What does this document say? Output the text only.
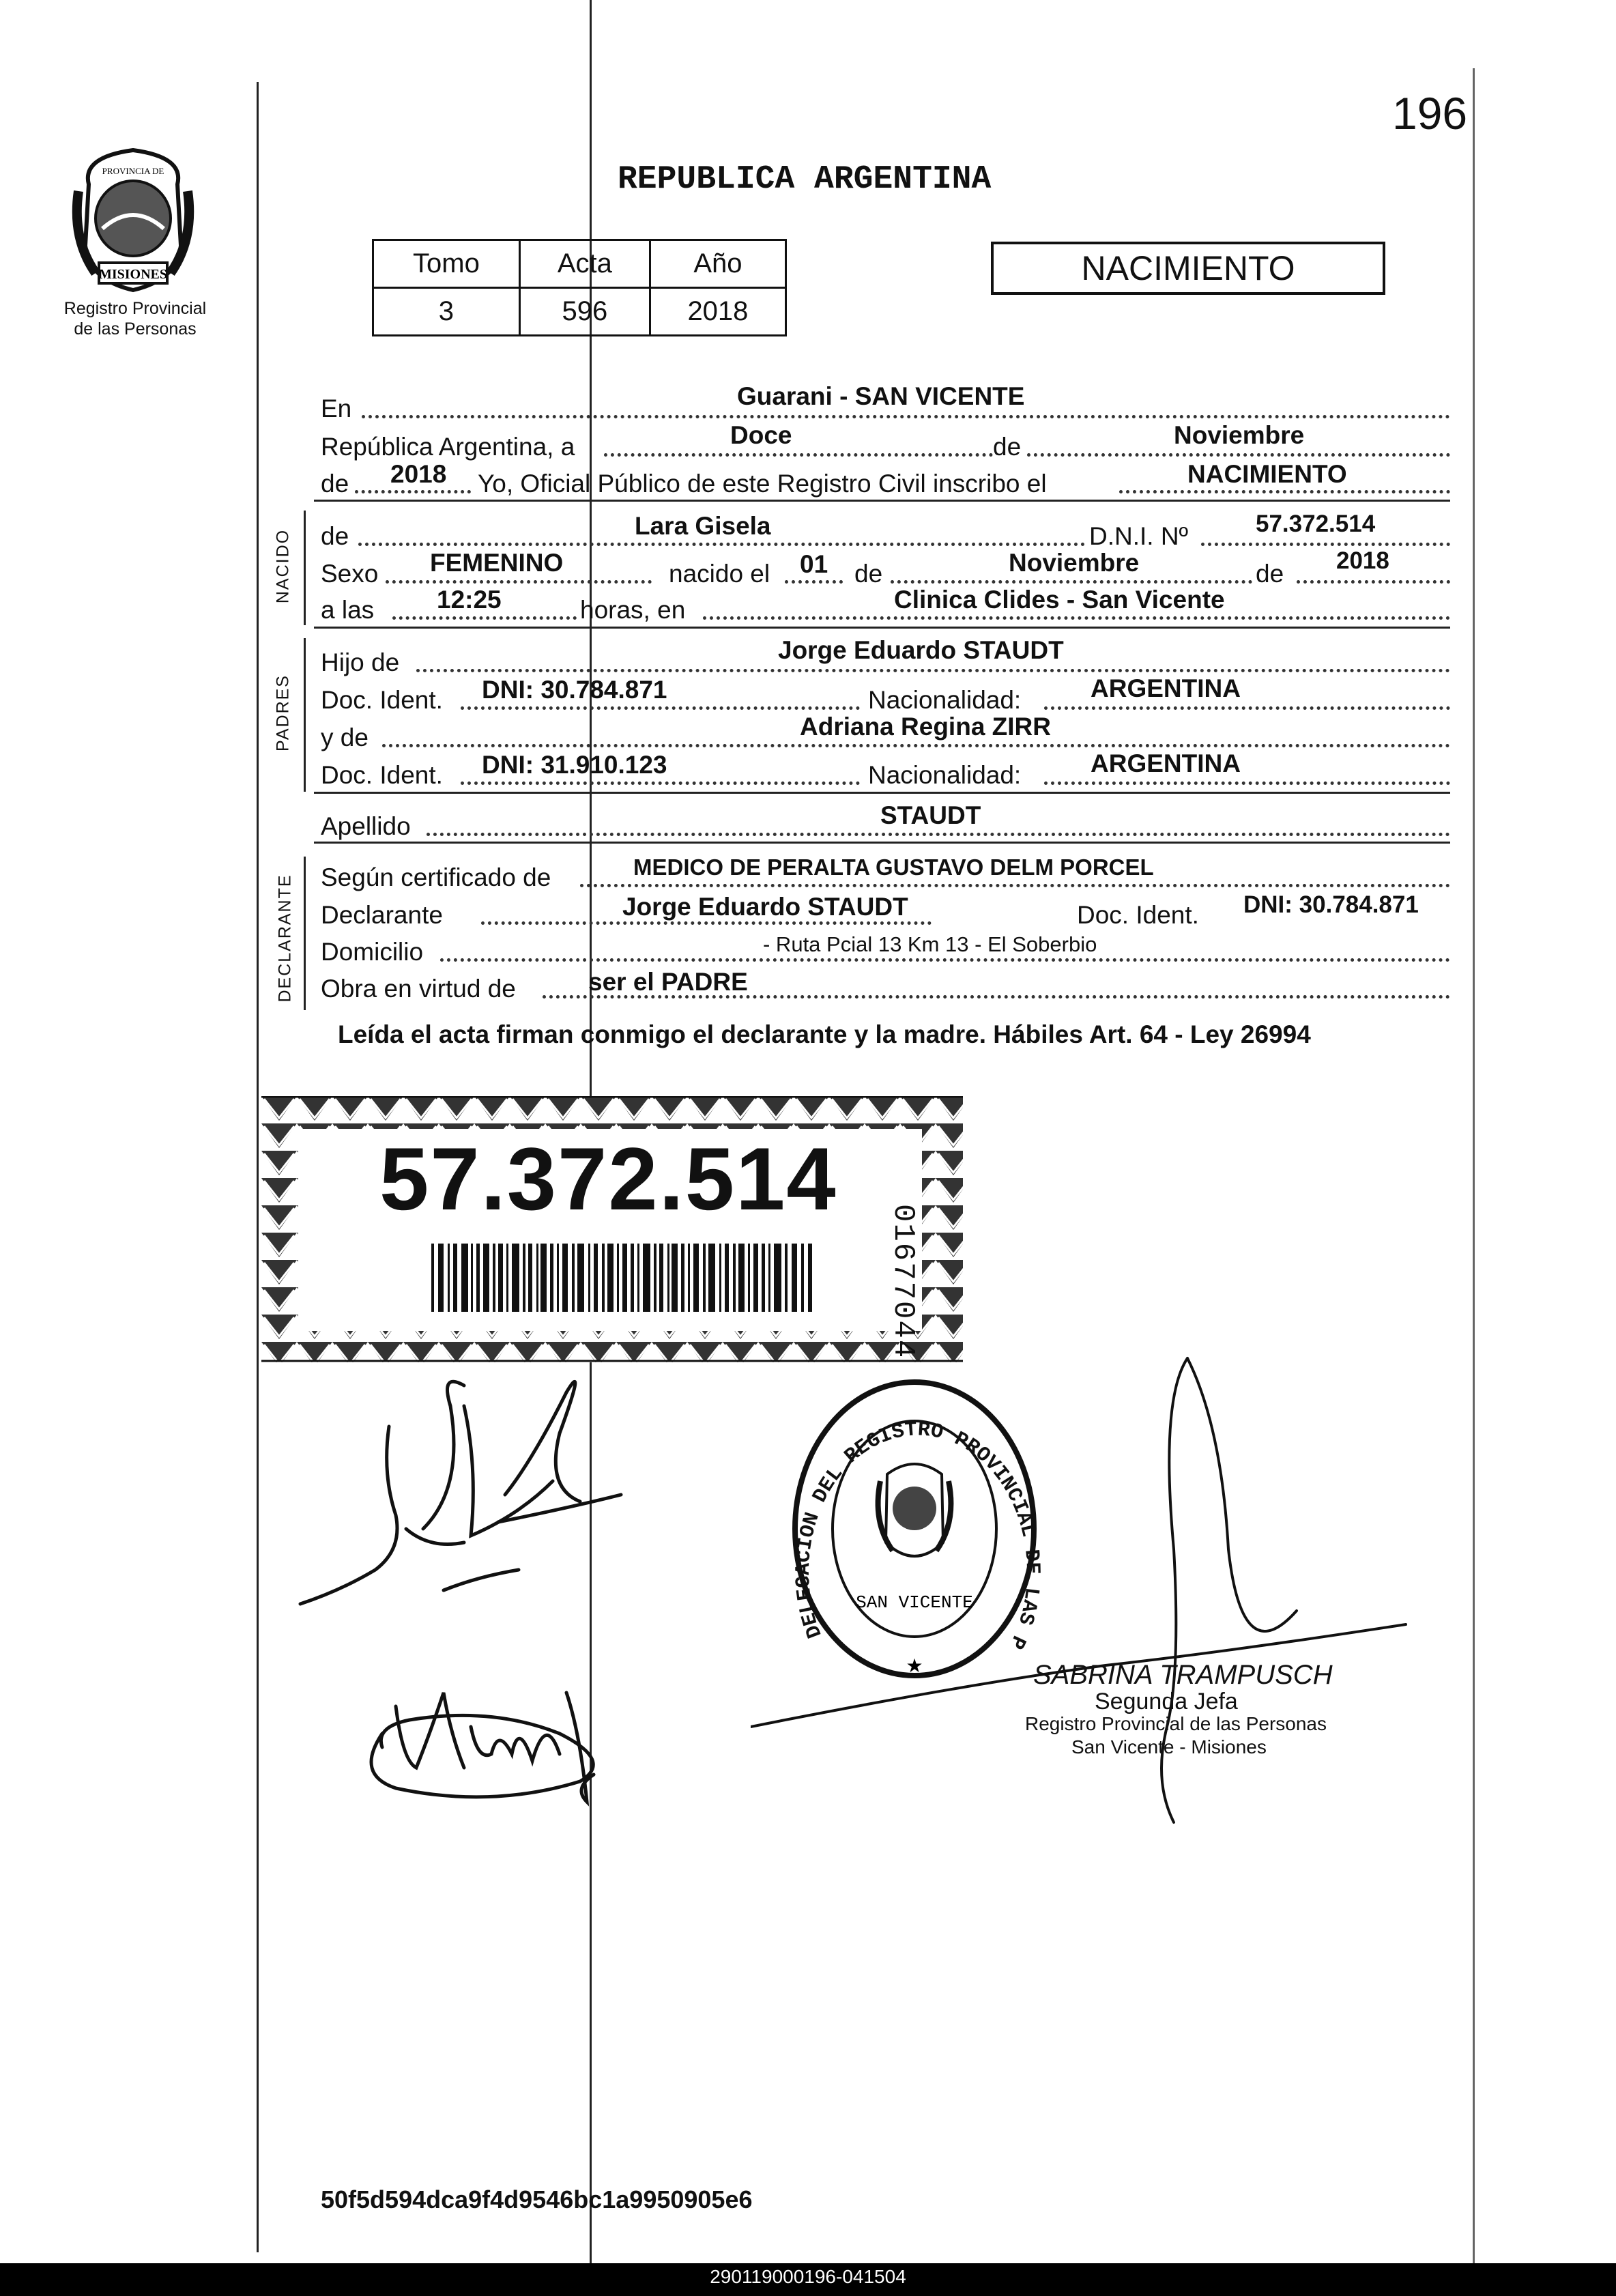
196
MISIONES
PROVINCIA DE
Registro Provincial
de las Personas
REPUBLICA ARGENTINA
Tomo	Acta	Año
3	596	2018
NACIMIENTO
En	Guarani - SAN VICENTE
República Argentina, a	Doce	de	Noviembre
de 2018 Yo, Oficial Público de este Registro Civil inscribo el	NACIMIENTO
NACIDO de	Lara Gisela	D.N.I. Nº	57.372.514
Sexo FEMENINO	nacido el 01 de	Noviembre	de 2018
a las 12:25	horas, en	Clinica Clides - San Vicente
PADRES
Hijo de	Jorge Eduardo STAUDT
Doc. Ident. DNI: 30.784.871	Nacionalidad:	ARGENTINA
y de	Adriana Regina ZIRR
Doc. Ident. DNI: 31.910.123	Nacionalidad:	ARGENTINA
Apellido	STAUDT
DECLARANTE Según certificado de	MEDICO DE PERALTA GUSTAVO DELM PORCEL
Declarante	Jorge Eduardo STAUDT	Doc. Ident. DNI: 30.784.871
Domicilio	- Ruta Pcial 13 Km 13 - El Soberbio
Obra en virtud de	ser el PADRE
Leída el acta firman conmigo el declarante y la madre. Hábiles Art. 64 - Ley 26994
57.372.514
01677044
DELEGACION DEL REGISTRO PROVINCIAL DE LAS P
SAN VICENTE
★	SABRINA TRAMPUSCH
Segunda Jefa
Registro Provincial de las Personas
San Vicente - Misiones
50f5d594dca9f4d9546bc1a9950905e6
290119000196-041504
